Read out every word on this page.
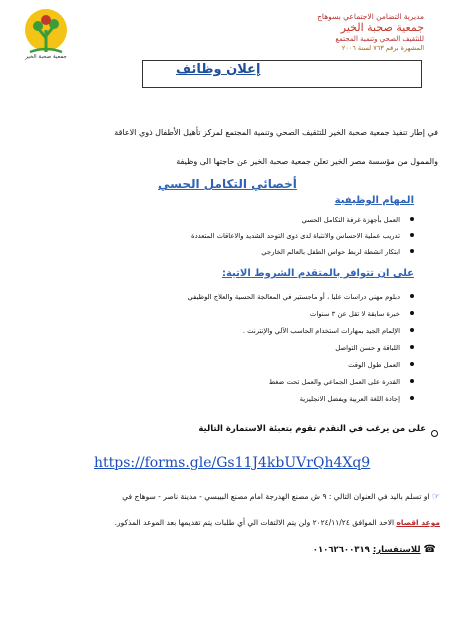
جمعية صحبة الخير
مديرية التضامن الاجتماعي بسوهاج
جمعية صحبة الخير
للتثقيف الصحي وتنمية المجتمع
المشهرة برقم ٧٦٣ لسنة ٢٠٠٦
إعلان وظائف
في إطار تنفيذ جمعية صحبة الخير للتثقيف الصحي وتنمية المجتمع لمركز تأهيل الأطفال ذوي الاعاقة
والممول من مؤسسة مصر الخير تعلن جمعية صحبة الخير عن حاجتها الى وظيفة
أخصائي التكامل الحسي
المهام الوظيفية
العمل بأجهزة غرفة التكامل الحسي
تدريب عملية الاحساس والانتباة لدى ذوى التوحد الشديد والاعاقات المتعددة
ابتكار انشطة لربط حواس الطفل بالعالم الخارجي
على ان تتوافر بالمتقدم الشروط الاتية:
دبلوم مهني دراسات عليا ، أو ماجستير في المعالجة الحسية والعلاج الوظيفي
خبرة سابقة لا تقل عن ٣ سنوات
الإلمام الجيد بمهارات استخدام الحاسب الآلي والإنترنت .
اللباقة و حسن التواصل
العمل طول الوقت
القدرة على العمل الجماعي والعمل تحت ضغط
إجادة اللغة العربية ويفضل الانجليزية
على من يرغب في التقدم تقوم بتعبئة الاستمارة التالية
https://forms.gle/Gs11J4kbUVrQh4Xq9
☞ او تسلم باليد في العنوان التالي : ٩ ش مصنع الهدرجة امام مصنع البيبسي - مدينة ناصر - سوهاج في
موعد اقصاه الاحد الموافق ٢٠٢٤/١١/٢٤ ولن يتم الالتفات الي أي طلبات يتم تقديمها بعد الموعد المذكور.
☎ للاستفسار: ٠١٠٦٢٦٠٠٣١٩
